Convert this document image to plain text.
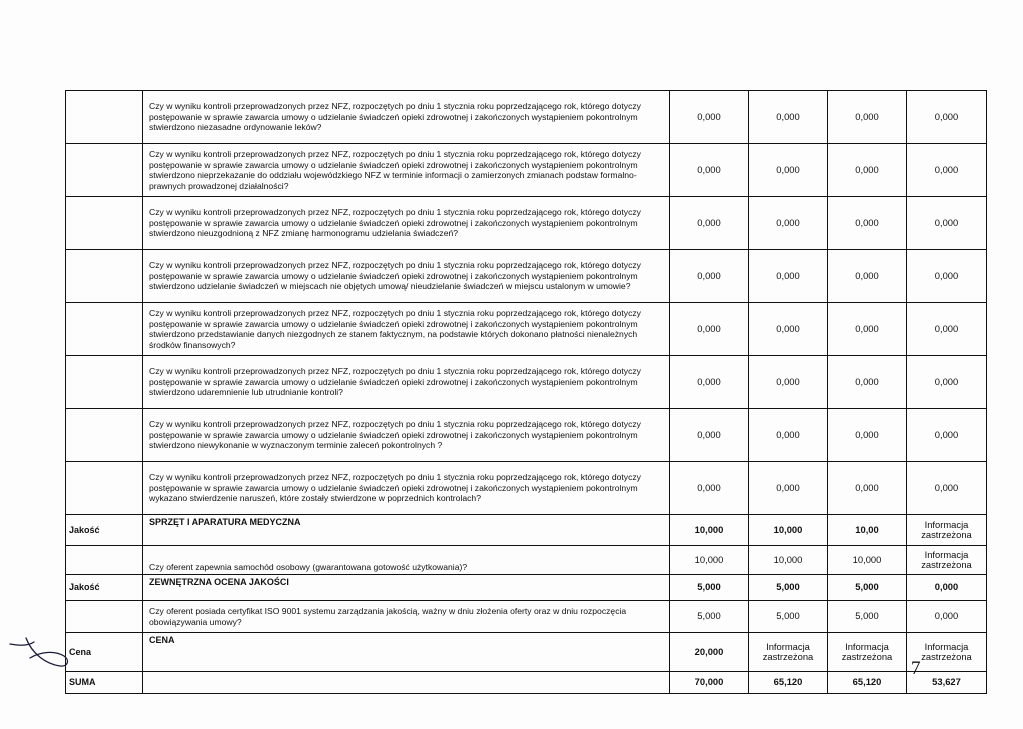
	Czy w wyniku kontroli przeprowadzonych przez NFZ, rozpoczętych po dniu 1 stycznia roku poprzedzającego rok, którego dotyczy postępowanie w sprawie zawarcia umowy o udzielanie świadczeń opieki zdrowotnej i zakończonych wystąpieniem pokontrolnym stwierdzono niezasadne ordynowanie leków?	0,000	0,000	0,000	0,000
	Czy w wyniku kontroli przeprowadzonych przez NFZ, rozpoczętych po dniu 1 stycznia roku poprzedzającego rok, którego dotyczy postępowanie w sprawie zawarcia umowy o udzielanie świadczeń opieki zdrowotnej i zakończonych wystąpieniem pokontrolnym stwierdzono nieprzekazanie do oddziału wojewódzkiego NFZ w terminie informacji o zamierzonych zmianach podstaw formalno-prawnych prowadzonej działalności?	0,000	0,000	0,000	0,000
	Czy w wyniku kontroli przeprowadzonych przez NFZ, rozpoczętych po dniu 1 stycznia roku poprzedzającego rok, którego dotyczy postępowanie w sprawie zawarcia umowy o udzielanie świadczeń opieki zdrowotnej i zakończonych wystąpieniem pokontrolnym stwierdzono nieuzgodnioną z NFZ zmianę harmonogramu udzielania świadczeń?	0,000	0,000	0,000	0,000
	Czy w wyniku kontroli przeprowadzonych przez NFZ, rozpoczętych po dniu 1 stycznia roku poprzedzającego rok, którego dotyczy postępowanie w sprawie zawarcia umowy o udzielanie świadczeń opieki zdrowotnej i zakończonych wystąpieniem pokontrolnym stwierdzono udzielanie świadczeń w miejscach nie objętych umową/ nieudzielanie świadczeń w miejscu ustalonym w umowie?	0,000	0,000	0,000	0,000
	Czy w wyniku kontroli przeprowadzonych przez NFZ, rozpoczętych po dniu 1 stycznia roku poprzedzającego rok, którego dotyczy postępowanie w sprawie zawarcia umowy o udzielanie świadczeń opieki zdrowotnej i zakończonych wystąpieniem pokontrolnym stwierdzono przedstawianie danych niezgodnych ze stanem faktycznym, na podstawie których dokonano płatności nienależnych środków finansowych?	0,000	0,000	0,000	0,000
	Czy w wyniku kontroli przeprowadzonych przez NFZ, rozpoczętych po dniu 1 stycznia roku poprzedzającego rok, którego dotyczy postępowanie w sprawie zawarcia umowy o udzielanie świadczeń opieki zdrowotnej i zakończonych wystąpieniem pokontrolnym stwierdzono udaremnienie lub utrudnianie kontroli?	0,000	0,000	0,000	0,000
	Czy w wyniku kontroli przeprowadzonych przez NFZ, rozpoczętych po dniu 1 stycznia roku poprzedzającego rok, którego dotyczy postępowanie w sprawie zawarcia umowy o udzielanie świadczeń opieki zdrowotnej i zakończonych wystąpieniem pokontrolnym stwierdzono niewykonanie w wyznaczonym terminie zaleceń pokontrolnych ?	0,000	0,000	0,000	0,000
	Czy w wyniku kontroli przeprowadzonych przez NFZ, rozpoczętych po dniu 1 stycznia roku poprzedzającego rok, którego dotyczy postępowanie w sprawie zawarcia umowy o udzielanie świadczeń opieki zdrowotnej i zakończonych wystąpieniem pokontrolnym wykazano stwierdzenie naruszeń, które zostały stwierdzone w poprzednich kontrolach?	0,000	0,000	0,000	0,000
Jakość	SPRZĘT I APARATURA MEDYCZNA	10,000	10,000	10,00	Informacja zastrzeżona
	Czy oferent zapewnia samochód osobowy (gwarantowana gotowość użytkowania)?	10,000	10,000	10,000	Informacja zastrzeżona
Jakość	ZEWNĘTRZNA OCENA JAKOŚCI	5,000	5,000	5,000	0,000
	Czy oferent posiada certyfikat ISO 9001 systemu zarządzania jakością, ważny w dniu złożenia oferty oraz w dniu rozpoczęcia obowiązywania umowy?	5,000	5,000	5,000	0,000
Cena	CENA	20,000	Informacja zastrzeżona	Informacja zastrzeżona	Informacja zastrzeżona
SUMA		70,000	65,120	65,120	53,627
7
